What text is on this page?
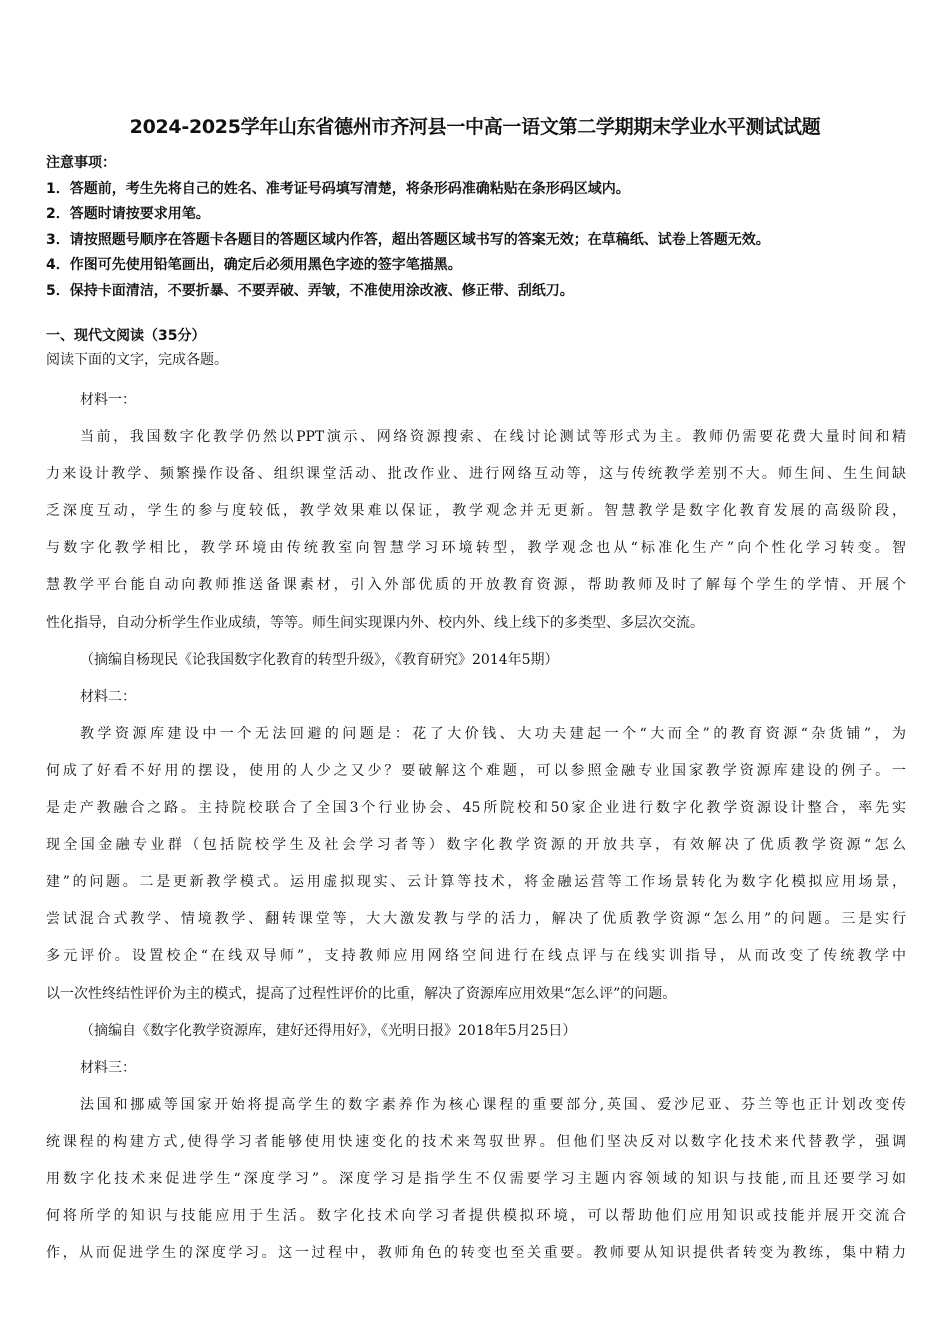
2024-2025学年山东省德州市齐河县一中高一语文第二学期期末学业水平测试试题
注意事项：
1．答题前，考生先将自己的姓名、准考证号码填写清楚，将条形码准确粘贴在条形码区域内。
2．答题时请按要求用笔。
3．请按照题号顺序在答题卡各题目的答题区域内作答，超出答题区域书写的答案无效；在草稿纸、试卷上答题无效。
4．作图可先使用铅笔画出，确定后必须用黑色字迹的签字笔描黑。
5．保持卡面清洁，不要折暴、不要弄破、弄皱，不准使用涂改液、修正带、刮纸刀。
一、现代文阅读（35分）
阅读下面的文字，完成各题。
材料一：
当前，我国数字化教学仍然以PPT演示、网络资源搜索、在线讨论测试等形式为主。教师仍需要花费大量时间和精
力来设计教学、频繁操作设备、组织课堂活动、批改作业、进行网络互动等，这与传统教学差别不大。师生间、生生间缺
乏深度互动，学生的参与度较低，教学效果难以保证，教学观念并无更新。智慧教学是数字化教育发展的高级阶段，
与数字化教学相比，教学环境由传统教室向智慧学习环境转型，教学观念也从“标准化生产”向个性化学习转变。智
慧教学平台能自动向教师推送备课素材，引入外部优质的开放教育资源，帮助教师及时了解每个学生的学情、开展个
性化指导，自动分析学生作业成绩，等等。师生间实现课内外、校内外、线上线下的多类型、多层次交流。
（摘编自杨现民《论我国数字化教育的转型升级》，《教育研究》2014年5期）
材料二：
教学资源库建设中一个无法回避的问题是：花了大价钱、大功夫建起一个“大而全”的教育资源“杂货铺”，为
何成了好看不好用的摆设，使用的人少之又少？要破解这个难题，可以参照金融专业国家教学资源库建设的例子。一
是走产教融合之路。主持院校联合了全国3个行业协会、45所院校和50家企业进行数字化教学资源设计整合，率先实
现全国金融专业群（包括院校学生及社会学习者等）数字化教学资源的开放共享，有效解决了优质教学资源“怎么
建”的问题。二是更新教学模式。运用虚拟现实、云计算等技术，将金融运营等工作场景转化为数字化模拟应用场景，
尝试混合式教学、情境教学、翻转课堂等，大大激发教与学的活力，解决了优质教学资源“怎么用”的问题。三是实行
多元评价。设置校企“在线双导师”，支持教师应用网络空间进行在线点评与在线实训指导，从而改变了传统教学中
以一次性终结性评价为主的模式，提高了过程性评价的比重，解决了资源库应用效果“怎么评”的问题。
（摘编自《数字化教学资源库，建好还得用好》，《光明日报》2018年5月25日）
材料三：
法国和挪威等国家开始将提高学生的数字素养作为核心课程的重要部分,英国、爱沙尼亚、芬兰等也正计划改变传
统课程的构建方式,使得学习者能够使用快速变化的技术来驾驭世界。但他们坚决反对以数字化技术来代替教学，强调
用数字化技术来促进学生“深度学习”。深度学习是指学生不仅需要学习主题内容领域的知识与技能,而且还要学习如
何将所学的知识与技能应用于生活。数字化技术向学习者提供模拟环境，可以帮助他们应用知识或技能并展开交流合
作，从而促进学生的深度学习。这一过程中，教师角色的转变也至关重要。教师要从知识提供者转变为教练，集中精力
